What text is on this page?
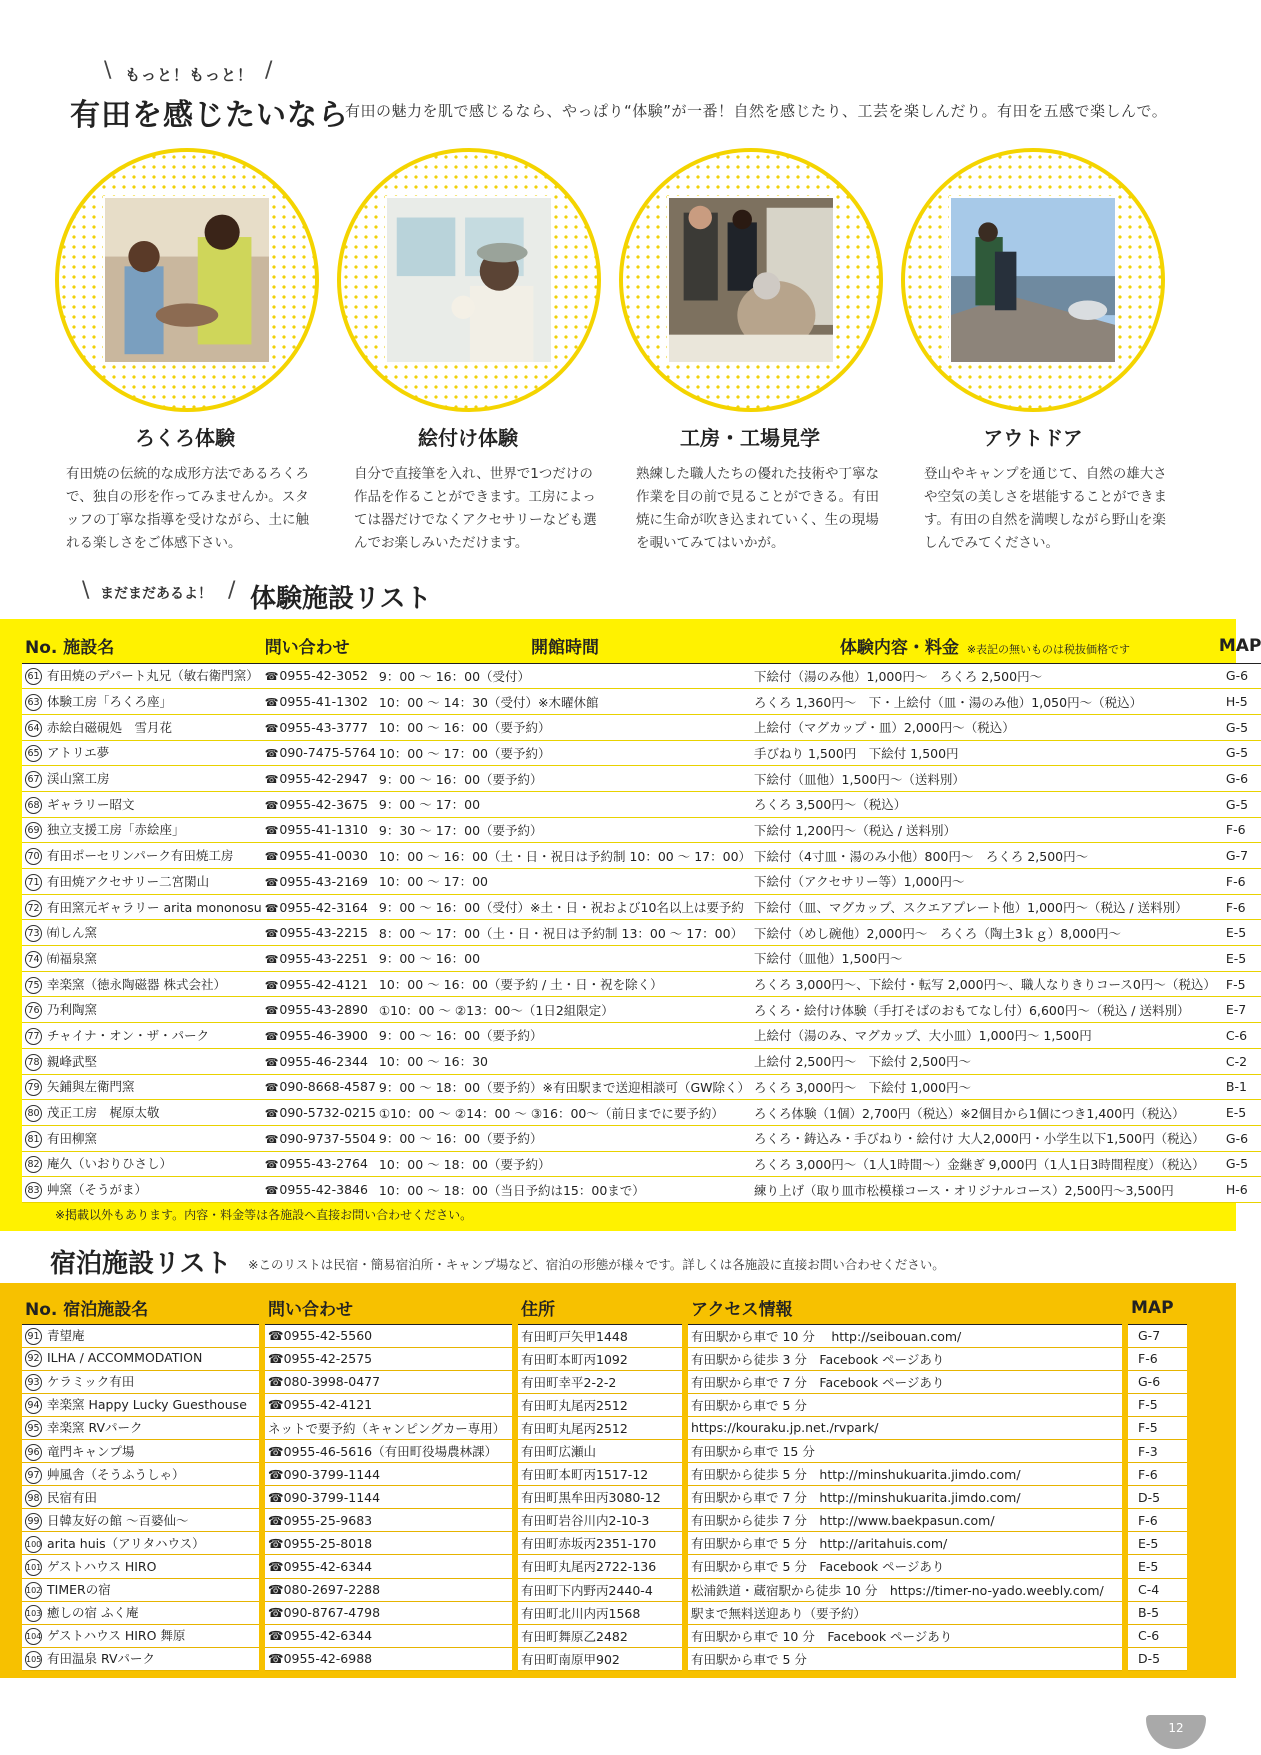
もっと！もっと！
\	/
有田を感じたいなら
有田の魅力を肌で感じるなら、やっぱり“体験”が一番！自然を感じたり、工芸を楽しんだり。有田を五感で楽しんで。
ろくろ体験	絵付け体験	工房・工場見学	アウトドア
有田焼の伝統的な成形方法であるろくろで、独自の形を作ってみませんか。スタッフの丁寧な指導を受けながら、土に触れる楽しさをご体感下さい。
自分で直接筆を入れ、世界で1つだけの作品を作ることができます。工房によっては器だけでなくアクセサリーなども選んでお楽しみいただけます。
熟練した職人たちの優れた技術や丁寧な作業を目の前で見ることができる。有田焼に生命が吹き込まれていく、生の現場を覗いてみてはいかが。
登山やキャンプを通じて、自然の雄大さや空気の美しさを堪能することができます。有田の自然を満喫しながら野山を楽しんでみてください。
\ まだまだあるよ！ / 体験施設リスト
No. 施設名		問い合わせ		開館時間		体験内容・料金 ※表記の無いものは税抜価格です		MAP
61 有田焼のデパート丸兄（敏右衛門窯）		☎0955-42-3052		9：00 ～ 16：00（受付）		下絵付（湯のみ他）1,000円～　ろくろ 2,500円～		G-6
63 体験工房「ろくろ座」		☎0955-41-1302		10：00 ～ 14：30（受付）※木曜休館		ろくろ 1,360円～　下・上絵付（皿・湯のみ他）1,050円～（税込）		H-5
64 赤絵白磁硯処　雪月花		☎0955-43-3777		10：00 ～ 16：00（要予約）		上絵付（マグカップ・皿）2,000円～（税込）		G-5
65 アトリエ夢		☎090-7475-5764		10：00 ～ 17：00（要予約）		手びねり 1,500円　下絵付 1,500円		G-5
67 渓山窯工房		☎0955-42-2947		9：00 ～ 16：00（要予約）		下絵付（皿他）1,500円～（送料別）		G-6
68 ギャラリー昭文		☎0955-42-3675		9：00 ～ 17：00		ろくろ 3,500円～（税込）		G-5
69 独立支援工房「赤絵座」		☎0955-41-1310		9：30 ～ 17：00（要予約）		下絵付 1,200円～（税込 / 送料別）		F-6
70 有田ポーセリンパーク有田焼工房		☎0955-41-0030		10：00 ～ 16：00（土・日・祝日は予約制 10：00 ～ 17：00）		下絵付（4寸皿・湯のみ小他）800円～　ろくろ 2,500円～		G-7
71 有田焼アクセサリー二宮閑山		☎0955-43-2169		10：00 ～ 17：00		下絵付（アクセサリー等）1,000円～		F-6
72 有田窯元ギャラリー arita mononosu		☎0955-42-3164		9：00 ～ 16：00（受付）※土・日・祝および10名以上は要予約		下絵付（皿、マグカップ、スクエアプレート他）1,000円～（税込 / 送料別）		F-6
73 ㈲しん窯		☎0955-43-2215		8：00 ～ 17：00（土・日・祝日は予約制 13：00 ～ 17：00）		下絵付（めし碗他）2,000円～　ろくろ（陶土3ｋｇ）8,000円～		E-5
74 ㈲福泉窯		☎0955-43-2251		9：00 ～ 16：00		下絵付（皿他）1,500円～		E-5
75 幸楽窯（徳永陶磁器 株式会社）		☎0955-42-4121		10：00 ～ 16：00（要予約 / 土・日・祝を除く）		ろくろ 3,000円～、下絵付・転写 2,000円～、職人なりきりコース0円～（税込）		F-5
76 乃利陶窯		☎0955-43-2890		①10：00 ～ ②13：00～（1日2組限定）		ろくろ・絵付け体験（手打そばのおもてなし付）6,600円～（税込 / 送料別）		E-7
77 チャイナ・オン・ザ・パーク		☎0955-46-3900		9：00 ～ 16：00（要予約）		上絵付（湯のみ、マグカップ、大小皿）1,000円～ 1,500円		C-6
78 親峰武堅		☎0955-46-2344		10：00 ～ 16：30		上絵付 2,500円～　下絵付 2,500円～		C-2
79 矢鋪與左衛門窯		☎090-8668-4587		9：00 ～ 18：00（要予約）※有田駅まで送迎相談可（GW除く）		ろくろ 3,000円～　下絵付 1,000円～		B-1
80 茂正工房　梶原太敬		☎090-5732-0215		①10：00 ～ ②14：00 ～ ③16：00～（前日までに要予約）		ろくろ体験（1個）2,700円（税込）※2個目から1個につき1,400円（税込）		E-5
81 有田柳窯		☎090-9737-5504		9：00 ～ 16：00（要予約）		ろくろ・鋳込み・手びねり・絵付け 大人2,000円・小学生以下1,500円（税込）		G-6
82 庵久（いおりひさし）		☎0955-43-2764		10：00 ～ 18：00（要予約）		ろくろ 3,000円～（1人1時間～）金継ぎ 9,000円（1人1日3時間程度）（税込）		G-5
83 艸窯（そうがま）		☎0955-42-3846		10：00 ～ 18：00（当日予約は15：00まで）		練り上げ（取り皿市松模様コース・オリジナルコース）2,500円～3,500円		H-6
※掲載以外もあります。内容・料金等は各施設へ直接お問い合わせください。
宿泊施設リスト ※このリストは民宿・簡易宿泊所・キャンプ場など、宿泊の形態が様々です。詳しくは各施設に直接お問い合わせください。
No. 宿泊施設名		問い合わせ		住所		アクセス情報		MAP
91 青望庵		☎0955-42-5560		有田町戸矢甲1448		有田駅から車で 10 分　 http://seibouan.com/		G-7
92 ILHA / ACCOMMODATION		☎0955-42-2575		有田町本町丙1092		有田駅から徒歩 3 分　Facebook ページあり		F-6
93 ケラミック有田		☎080-3998-0477		有田町幸平2-2-2		有田駅から車で 7 分　Facebook ページあり		G-6
94 幸楽窯 Happy Lucky Guesthouse		☎0955-42-4121		有田町丸尾丙2512		有田駅から車で 5 分		F-5
95 幸楽窯 RVパーク		ネットで要予約（キャンピングカー専用）		有田町丸尾丙2512		https://kouraku.jp.net./rvpark/		F-5
96 竜門キャンプ場		☎0955-46-5616（有田町役場農林課）		有田町広瀬山		有田駅から車で 15 分		F-3
97 艸風舎（そうふうしゃ）		☎090-3799-1144		有田町本町丙1517-12		有田駅から徒歩 5 分　http://minshukuarita.jimdo.com/		F-6
98 民宿有田		☎090-3799-1144		有田町黒牟田丙3080-12		有田駅から車で 7 分　http://minshukuarita.jimdo.com/		D-5
99 日韓友好の館 ～百婆仙～		☎0955-25-9683		有田町岩谷川内2-10-3		有田駅から徒歩 7 分　http://www.baekpasun.com/		F-6
100 arita huis（アリタハウス）		☎0955-25-8018		有田町赤坂丙2351-170		有田駅から車で 5 分　http://aritahuis.com/		E-5
101 ゲストハウス HIRO		☎0955-42-6344		有田町丸尾丙2722-136		有田駅から車で 5 分　Facebook ページあり		E-5
102 TIMERの宿		☎080-2697-2288		有田町下内野丙2440-4		松浦鉄道・蔵宿駅から徒歩 10 分　https://timer-no-yado.weebly.com/		C-4
103 癒しの宿 ふく庵		☎090-8767-4798		有田町北川内丙1568		駅まで無料送迎あり（要予約）		B-5
104 ゲストハウス HIRO 舞原		☎0955-42-6344		有田町舞原乙2482		有田駅から車で 10 分　Facebook ページあり		C-6
105 有田温泉 RVパーク		☎0955-42-6988		有田町南原甲902		有田駅から車で 5 分		D-5
12
